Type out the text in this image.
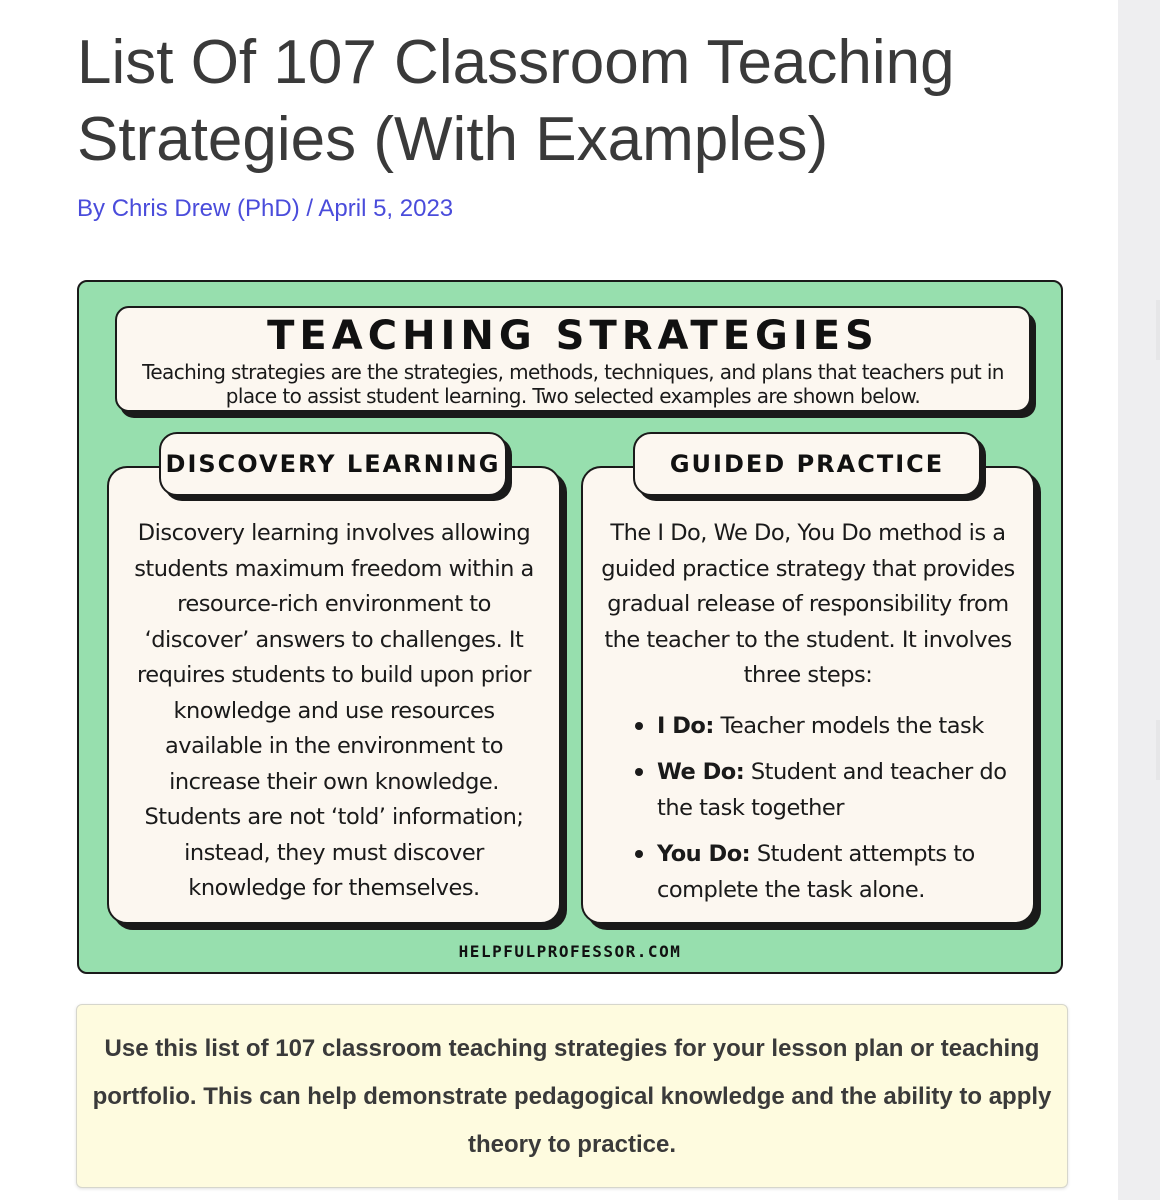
List Of 107 Classroom Teaching Strategies (With Examples)
By Chris Drew (PhD) / April 5, 2023
TEACHING STRATEGIES
Teaching strategies are the strategies, methods, techniques, and plans that teachers put in place to assist student learning. Two selected examples are shown below.
Discovery learning involves allowing students maximum freedom within a resource-rich environment to ‘discover’ answers to challenges. It requires students to build upon prior knowledge and use resources available in the environment to increase their own knowledge. Students are not ‘told’ information; instead, they must discover knowledge for themselves.
DISCOVERY LEARNING
The I Do, We Do, You Do method is a guided practice strategy that provides gradual release of responsibility from the teacher to the student. It involves three steps:
I Do: Teacher models the task
We Do: Student and teacher do the task together
You Do: Student attempts to complete the task alone.
GUIDED PRACTICE
HELPFULPROFESSOR.COM
Use this list of 107 classroom teaching strategies for your lesson plan or teaching portfolio. This can help demonstrate pedagogical knowledge and the ability to apply theory to practice.
